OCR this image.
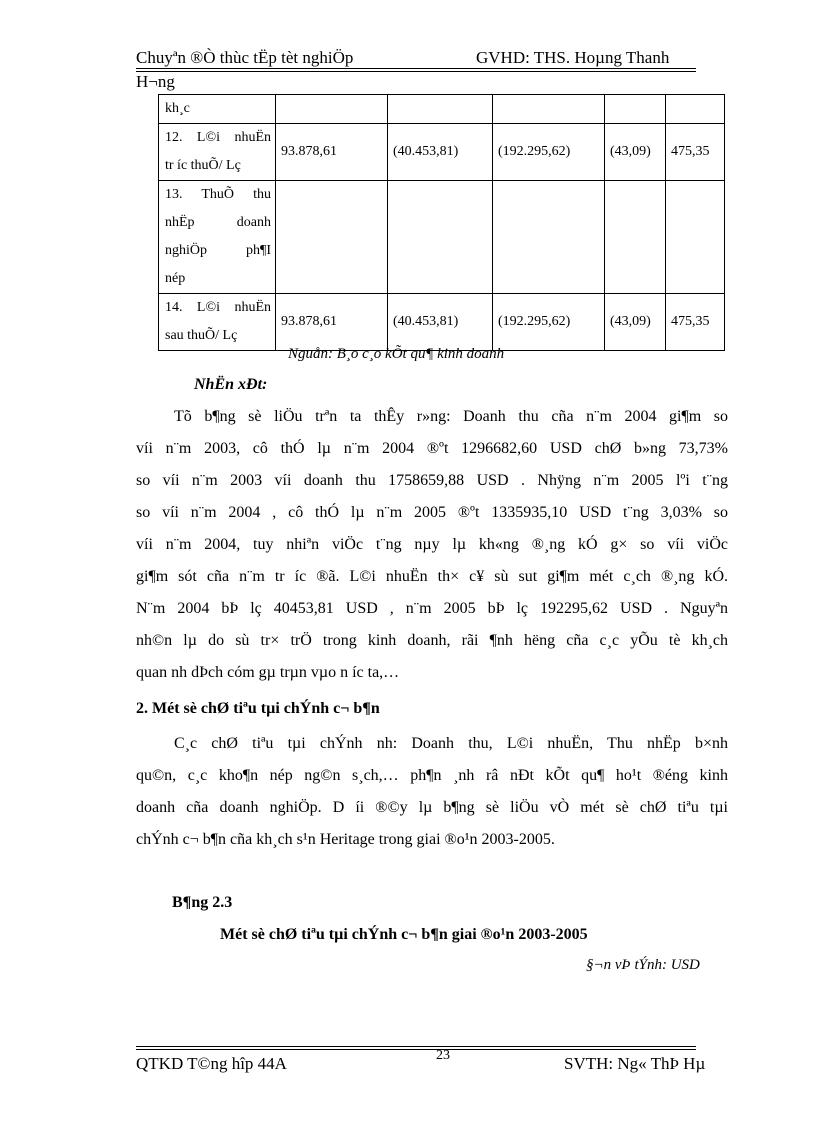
Chuyªn ®Ò thùc tËp tèt nghiÖp	GVHD: THS. Hoµng Thanh
H¬ng
kh¸c					

12. L©i nhuËn
tr íc thuÕ/ Lç	93.878,61	(40.453,81)	(192.295,62)	(43,09)	475,35

13. ThuÕ thu
nhËp doanh
nghiÖp ph¶I
nép					

14. L©i nhuËn
sau thuÕ/ Lç	93.878,61	(40.453,81)	(192.295,62)	(43,09)	475,35
Nguån: B¸o c¸o kÕt qu¶ kinh doanh
NhËn xÐt:
Tõ b¶ng sè liÖu trªn ta thÊy r»ng: Doanh thu cña n¨m 2004 gi¶m so
víi n¨m 2003, cô thÓ lµ n¨m 2004 ®ºt 1296682,60 USD chØ b»ng 73,73%
so víi n¨m 2003 víi doanh thu 1758659,88 USD . Nhÿng n¨m 2005 lºi t¨ng
so víi n¨m 2004 , cô thÓ lµ n¨m 2005 ®ºt 1335935,10 USD t¨ng 3,03% so
víi n¨m 2004, tuy nhiªn viÖc t¨ng nµy lµ kh«ng ®¸ng kÓ g× so víi viÖc
gi¶m sót cña n¨m tr íc ®ã. L©i nhuËn th× c¥ sù sut gi¶m mét c¸ch ®¸ng kÓ.
N¨m 2004 bÞ lç 40453,81 USD , n¨m 2005 bÞ lç 192295,62 USD . Nguyªn
nh©n lµ do sù tr× trÖ trong kinh doanh, rãi ¶nh hëng cña c¸c yÕu tè kh¸ch
quan nh dÞch cóm gµ trµn vµo n íc ta,…
2. Mét sè chØ tiªu tµi chÝnh c¬ b¶n
C¸c chØ tiªu tµi chÝnh nh: Doanh thu, L©i nhuËn, Thu nhËp b×nh
qu©n, c¸c kho¶n nép ng©n s¸ch,… ph¶n ¸nh râ nÐt kÕt qu¶ ho¹t ®éng kinh
doanh cña doanh nghiÖp. D íi ®©y lµ b¶ng sè liÖu vÒ mét sè chØ tiªu tµi
chÝnh c¬ b¶n cña kh¸ch s¹n Heritage trong giai ®o¹n 2003-2005.
B¶ng 2.3
Mét sè chØ tiªu tµi chÝnh c¬ b¶n giai ®o¹n 2003-2005
§¬n vÞ tÝnh: USD
QTKD T©ng hîp 44A	23	SVTH: Ng« ThÞ Hµ
